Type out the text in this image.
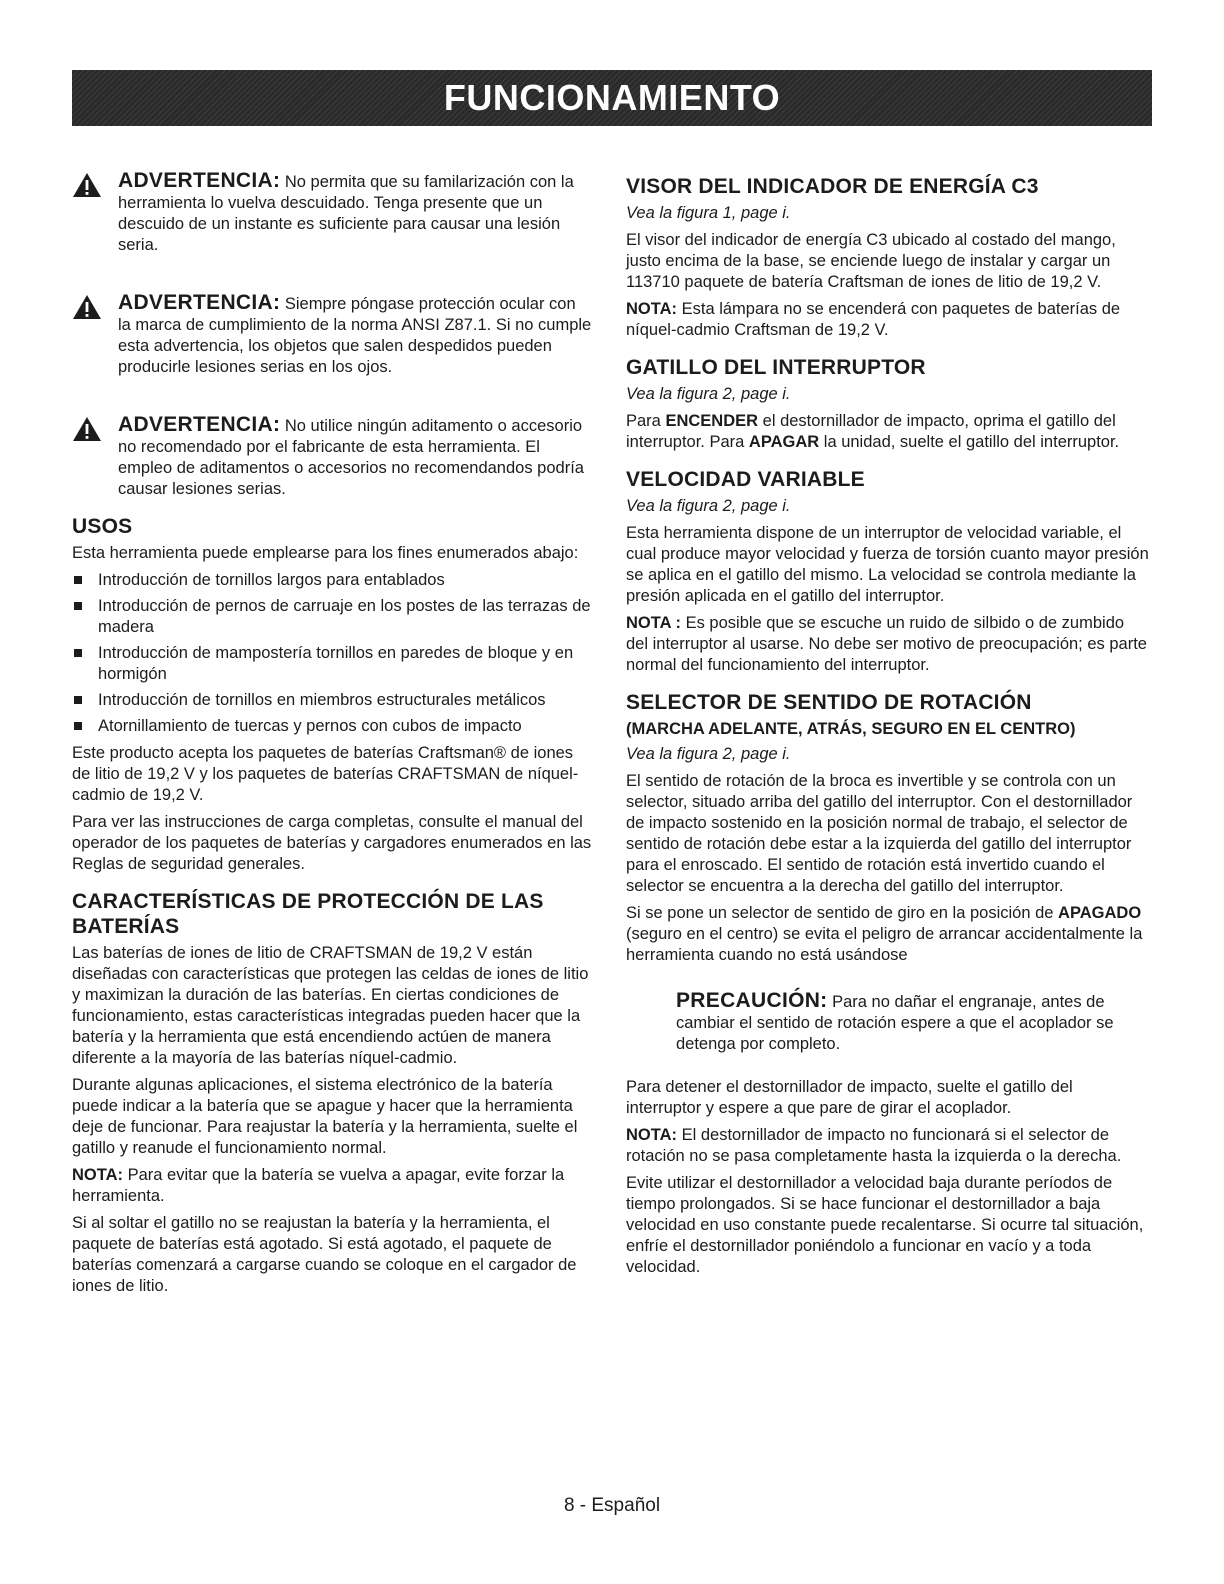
FUNCIONAMIENTO

ADVERTENCIA: No permita que su familarización con la herramienta lo vuelva descuidado. Tenga presente que un descuido de un instante es suficiente para causar una lesión seria.

ADVERTENCIA: Siempre póngase protección ocular con la marca de cumplimiento de la norma ANSI Z87.1. Si no cumple esta advertencia, los objetos que salen despedidos pueden producirle lesiones serias en los ojos.

ADVERTENCIA: No utilice ningún aditamento o accesorio no recomendado por el fabricante de esta herramienta. El empleo de aditamentos o accesorios no recomendandos podría causar lesiones serias.

USOS

Esta herramienta puede emplearse para los fines enumerados abajo:

Introducción de tornillos largos para entablados
Introducción de pernos de carruaje en los postes de las terrazas de madera
Introducción de mampostería tornillos en paredes de bloque y en hormigón
Introducción de tornillos en miembros estructurales metálicos
Atornillamiento de tuercas y pernos con cubos de impacto

Este producto acepta los paquetes de baterías Craftsman® de iones de litio de 19,2 V y los paquetes de baterías CRAFTSMAN de níquel-cadmio de 19,2 V.

Para ver las instrucciones de carga completas, consulte el manual del operador de los paquetes de baterías y cargadores enumerados en las Reglas de seguridad generales.

CARACTERÍSTICAS DE PROTECCIÓN DE LAS BATERÍAS

Las baterías de iones de litio de CRAFTSMAN de 19,2 V están diseñadas con características que protegen las celdas de iones de litio y maximizan la duración de las baterías. En ciertas condiciones de funcionamiento, estas características integradas pueden hacer que la batería y la herramienta que está encendiendo actúen de manera diferente a la mayoría de las baterías níquel-cadmio.

Durante algunas aplicaciones, el sistema electrónico de la batería puede indicar a la batería que se apague y hacer que la herramienta deje de funcionar. Para reajustar la batería y la herramienta, suelte el gatillo y reanude el funcionamiento normal.

NOTA: Para evitar que la batería se vuelva a apagar, evite forzar la herramienta.

Si al soltar el gatillo no se reajustan la batería y la herramienta, el paquete de baterías está agotado. Si está agotado, el paquete de baterías comenzará a cargarse cuando se coloque en el cargador de iones de litio.

VISOR DEL INDICADOR DE ENERGÍA C3

Vea la figura 1, page i.

El visor del indicador de energía C3 ubicado al costado del mango, justo encima de la base, se enciende luego de instalar y cargar un 113710 paquete de batería Craftsman de iones de litio de 19,2 V.

NOTA: Esta lámpara no se encenderá con paquetes de baterías de níquel-cadmio Craftsman de 19,2 V.

GATILLO DEL INTERRUPTOR

Vea la figura 2, page i.

Para ENCENDER el destornillador de impacto, oprima el gatillo del interruptor. Para APAGAR la unidad, suelte el gatillo del interruptor.

VELOCIDAD VARIABLE

Vea la figura 2, page i.

Esta herramienta dispone de un interruptor de velocidad variable, el cual produce mayor velocidad y fuerza de torsión cuanto mayor presión se aplica en el gatillo del mismo. La velocidad se controla mediante la presión aplicada en el gatillo del interruptor.

NOTA : Es posible que se escuche un ruido de silbido o de zumbido del interruptor al usarse. No debe ser motivo de preocupación; es parte normal del funcionamiento del interruptor.

SELECTOR DE SENTIDO DE ROTACIÓN
(MARCHA ADELANTE, ATRÁS, SEGURO EN EL CENTRO)

Vea la figura 2, page i.

El sentido de rotación de la broca es invertible y se controla con un selector, situado arriba del gatillo del interruptor. Con el destornillador de impacto sostenido en la posición normal de trabajo, el selector de sentido de rotación debe estar a la izquierda del gatillo del interruptor para el enroscado. El sentido de rotación está invertido cuando el selector se encuentra a la derecha del gatillo del interruptor.

Si se pone un selector de sentido de giro en la posición de APAGADO (seguro en el centro) se evita el peligro de arrancar accidentalmente la herramienta cuando no está usándose

PRECAUCIÓN: Para no dañar el engranaje, antes de cambiar el sentido de rotación espere a que el acoplador se detenga por completo.

Para detener el destornillador de impacto, suelte el gatillo del interruptor y espere a que pare de girar el acoplador.

NOTA: El destornillador de impacto no funcionará si el selector de rotación no se pasa completamente hasta la izquierda o la derecha.

Evite utilizar el destornillador a velocidad baja durante períodos de tiempo prolongados. Si se hace funcionar el destornillador a baja velocidad en uso constante puede recalentarse. Si ocurre tal situación, enfríe el destornillador poniéndolo a funcionar en vacío y a toda velocidad.

8 - Español
